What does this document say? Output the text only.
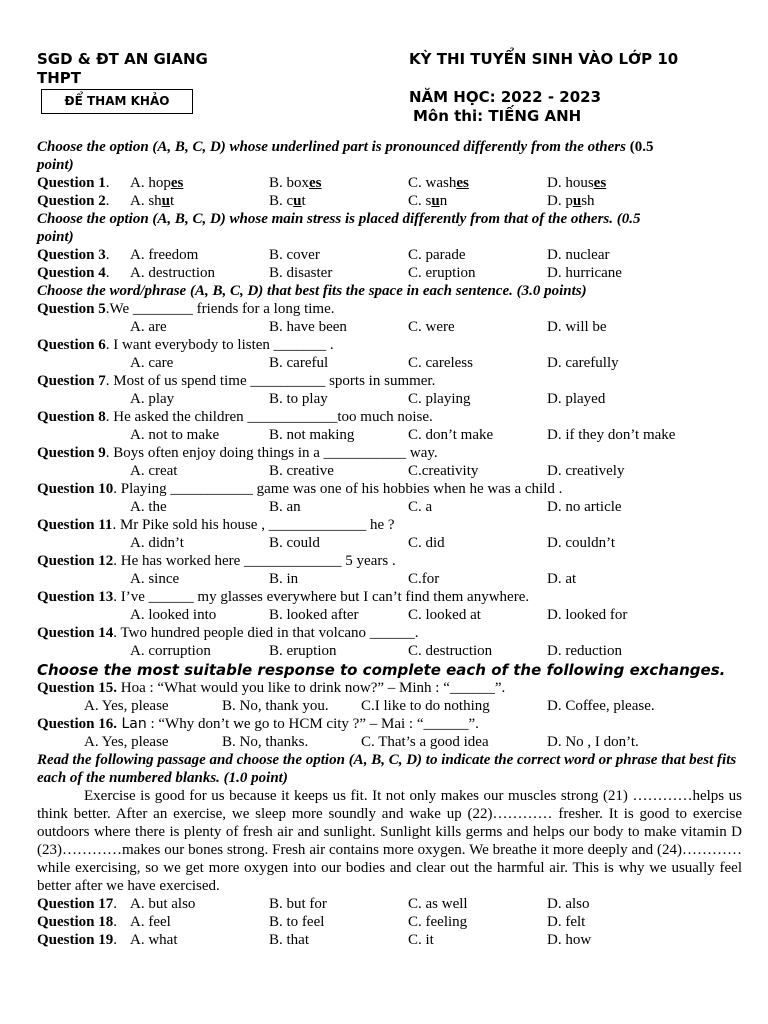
SGD & ĐT AN GIANG
THPT
ĐỂ THAM KHẢO
KỲ THI TUYỂN SINH VÀO LỚP 10
NĂM HỌC: 2022 - 2023
Môn thi: TIẾNG ANH
Choose the option (A, B, C, D) whose underlined part is pronounced differently from the others (0.5
point)
Question 1. A. hopes	B. boxes	C. washes	D. houses
Question 2. A. shut	B. cut	C. sun	D. push
Choose the option (A, B, C, D) whose main stress is placed differently from that of the others. (0.5
point)
Question 3. A. freedom	B. cover	C. parade	D. nuclear
Question 4. A. destruction	B. disaster	C. eruption	D. hurricane
Choose the word/phrase (A, B, C, D) that best fits the space in each sentence. (3.0 points)
Question 5.We ________ friends for a long time.
A. are	B. have been	C. were	D. will be
Question 6. I want everybody to listen _______ .
A. care	B. careful	C. careless	D. carefully
Question 7. Most of us spend time __________ sports in summer.
A. play	B. to play	C. playing	D. played
Question 8. He asked the children ____________too much noise.
A. not to make	B. not making	C. don’t make	D. if they don’t make
Question 9. Boys often enjoy doing things in a ___________ way.
A. creat	B. creative	C.creativity	D. creatively
Question 10. Playing ___________ game was one of his hobbies when he was a child .
A. the	B. an	C. a	D. no article
Question 11. Mr Pike sold his house , _____________ he ?
A. didn’t	B. could	C. did	D. couldn’t
Question 12. He has worked here _____________ 5 years .
A. since	B. in	C.for	D. at
Question 13. I’ve ______ my glasses everywhere but I can’t find them anywhere.
A. looked into	B. looked after	C. looked at	D. looked for
Question 14. Two hundred people died in that volcano ______.
A. corruption	B. eruption	C. destruction	D. reduction
Choose the most suitable response to complete each of the following exchanges.
Question 15. Hoa : “What would you like to drink now?” – Minh : “______”.
A. Yes, please	B. No, thank you. C.I like to do nothing	D. Coffee, please.
Question 16. Lan : “Why don’t we go to HCM city ?” – Mai : “______”.
A. Yes, please	B. No, thanks.	C. That’s a good idea	D. No , I don’t.
Read the following passage and choose the option (A, B, C, D) to indicate the correct word or phrase that best fits each of the numbered blanks. (1.0 point)
Exercise is good for us because it keeps us fit. It not only makes our muscles strong (21) …………helps us think better. After an exercise, we sleep more soundly and wake up (22)………… fresher. It is good to exercise outdoors where there is plenty of fresh air and sunlight. Sunlight kills germs and helps our body to make vitamin D (23)…………makes our bones strong. Fresh air contains more oxygen. We breathe it more deeply and (24)…………while exercising, so we get more oxygen into our bodies and clear out the harmful air. This is why we usually feel better after we have exercised.
Question 17. A. but also	B. but for	C. as well	D. also
Question 18. A. feel	B. to feel	C. feeling	D. felt
Question 19. A. what	B. that	C. it	D. how
